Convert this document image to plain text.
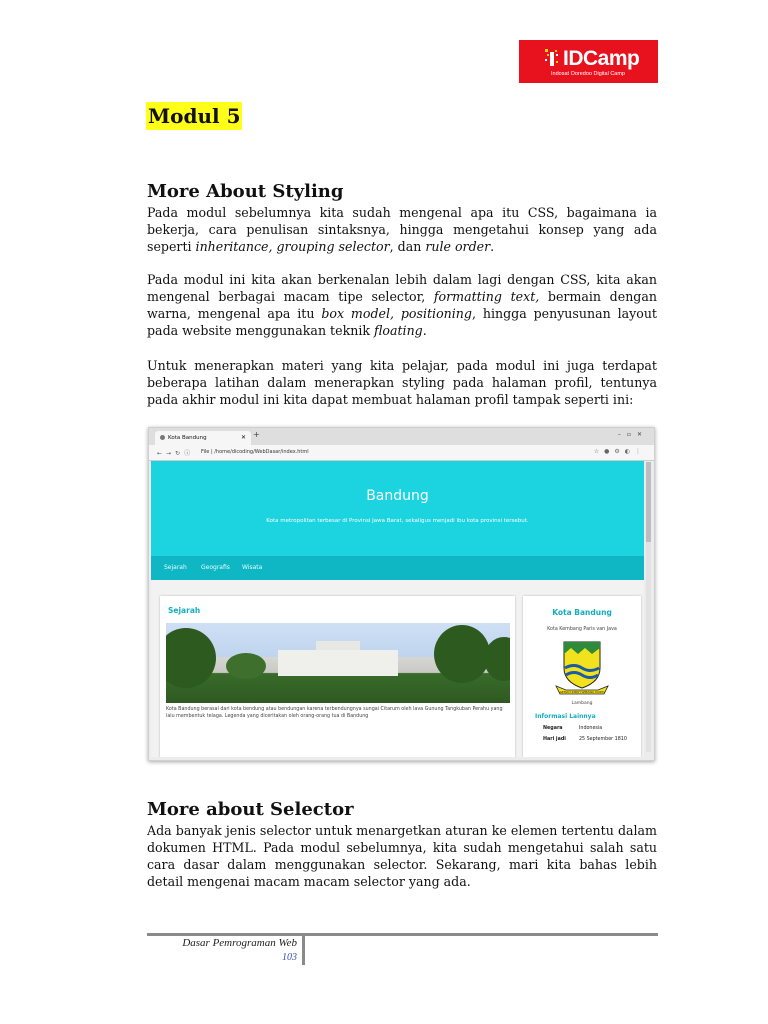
IDCamp
Indosat Ooredoo Digital Camp
Modul 5
More About Styling

Pada modul sebelumnya kita sudah mengenal apa itu CSS, bagaimana ia bekerja, cara penulisan sintaksnya, hingga mengetahui konsep yang ada seperti inheritance, grouping selector, dan rule order.

Pada modul ini kita akan berkenalan lebih dalam lagi dengan CSS, kita akan mengenal berbagai macam tipe selector, formatting text, bermain dengan warna, mengenal apa itu box model, positioning, hingga penyusunan layout pada website menggunakan teknik floating.

Untuk menerapkan materi yang kita pelajar, pada modul ini juga terdapat beberapa latihan dalam menerapkan styling pada halaman profil, tentunya pada akhir modul ini kita dapat membuat halaman profil tampak seperti ini:

Kota Bandung	✕ +	–▫✕
←→↻ⓘ File | /home/dicoding/WebDasar/index.html	☆●⚙◐⋮
Bandung
Kota metropolitan terbesar di Provinsi Jawa Barat, sekaligus menjadi ibu kota provinsi tersebut.
Sejarah Geografis Wisata
Sejarah
Kota Bandung berasal dari kota bendung atau bendungan karena terbendungnya sungai Citarum oleh lava Gunung Tangkuban Perahu yang lalu membentuk telaga. Legenda yang diceritakan oleh orang-orang tua di Bandung
Kota Bandung
Kota Kembang Paris van Java
GEMAH RIPAH WIBAWA MUKTI
Lambang
Informasi Lainnya
Negara	Indonesia
Hari jadi	25 September 1810
More about Selector

Ada banyak jenis selector untuk menargetkan aturan ke elemen tertentu dalam dokumen HTML. Pada modul sebelumnya, kita sudah mengetahui salah satu cara dasar dalam menggunakan selector. Sekarang, mari kita bahas lebih detail mengenai macam macam selector yang ada.

Dasar Pemrograman Web
103
